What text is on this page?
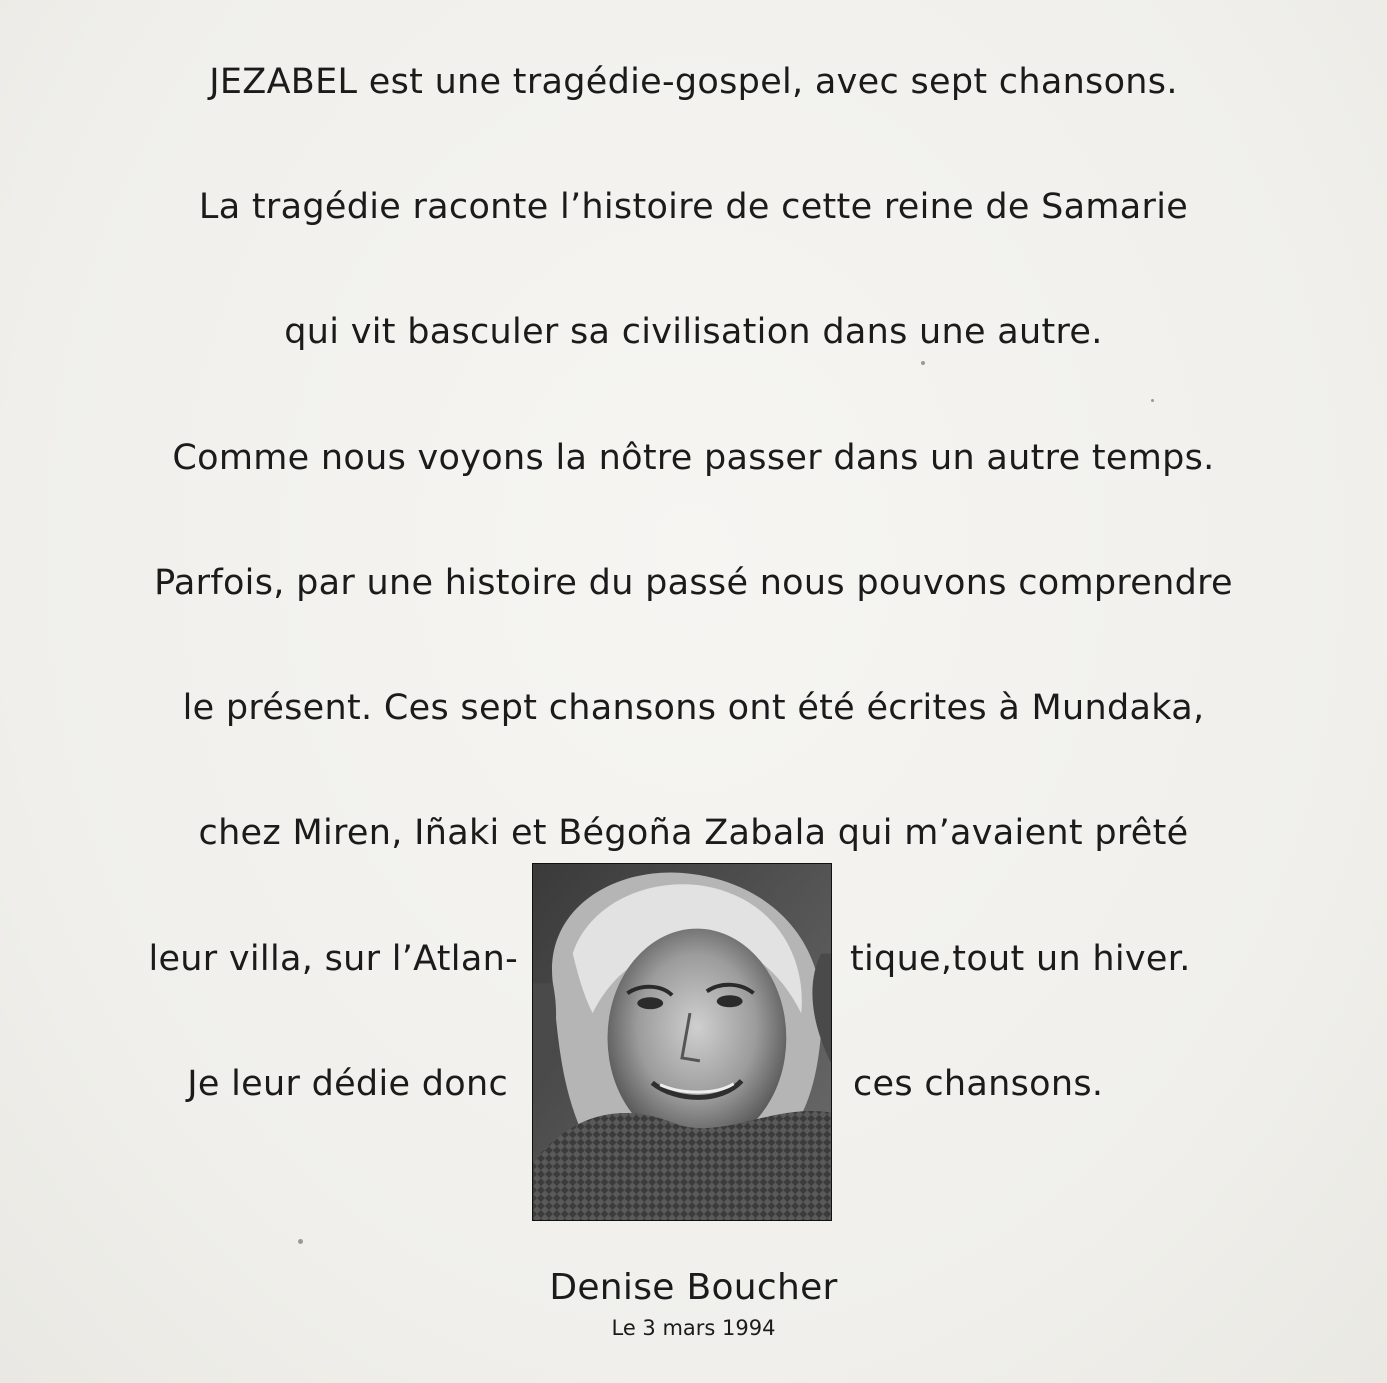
JEZABEL est une tragédie-gospel, avec sept chansons.
La tragédie raconte l’histoire de cette reine de Samarie
qui vit basculer sa civilisation dans une autre.
Comme nous voyons la nôtre passer dans un autre temps.
Parfois, par une histoire du passé nous pouvons comprendre
le présent. Ces sept chansons ont été écrites à Mundaka,
chez Miren, Iñaki et Bégoña Zabala qui m’avaient prêté
leur villa, sur l’Atlan-	tique,tout un hiver.
Je leur dédie donc	ces chansons.
Denise Boucher
Le 3 mars 1994
